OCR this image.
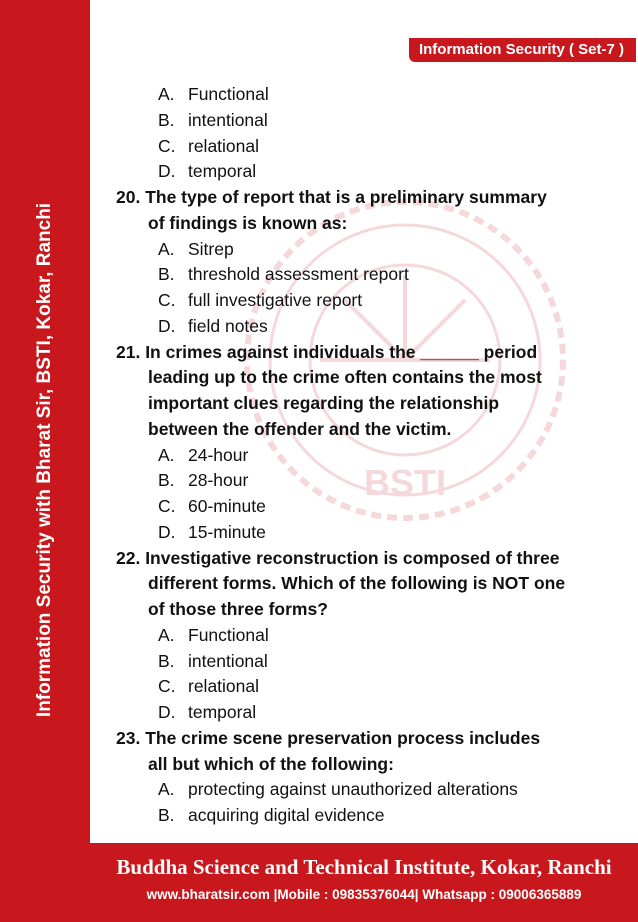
Information Security with Bharat Sir, BSTI, Kokar, Ranchi
Information Security ( Set-7 )
BSTI
A. Functional
B. intentional
C. relational
D. temporal
20. The type of report that is a preliminary summary
of findings is known as:
A. Sitrep
B. threshold assessment report
C. full investigative report
D. field notes
21. In crimes against individuals the ______ period
leading up to the crime often contains the most
important clues regarding the relationship
between the offender and the victim.
A. 24-hour
B. 28-hour
C. 60-minute
D. 15-minute
22. Investigative reconstruction is composed of three
different forms. Which of the following is NOT one
of those three forms?
A. Functional
B. intentional
C. relational
D. temporal
23. The crime scene preservation process includes
all but which of the following:
A. protecting against unauthorized alterations
B. acquiring digital evidence
Buddha Science and Technical Institute, Kokar, Ranchi
www.bharatsir.com |Mobile : 09835376044| Whatsapp : 09006365889
